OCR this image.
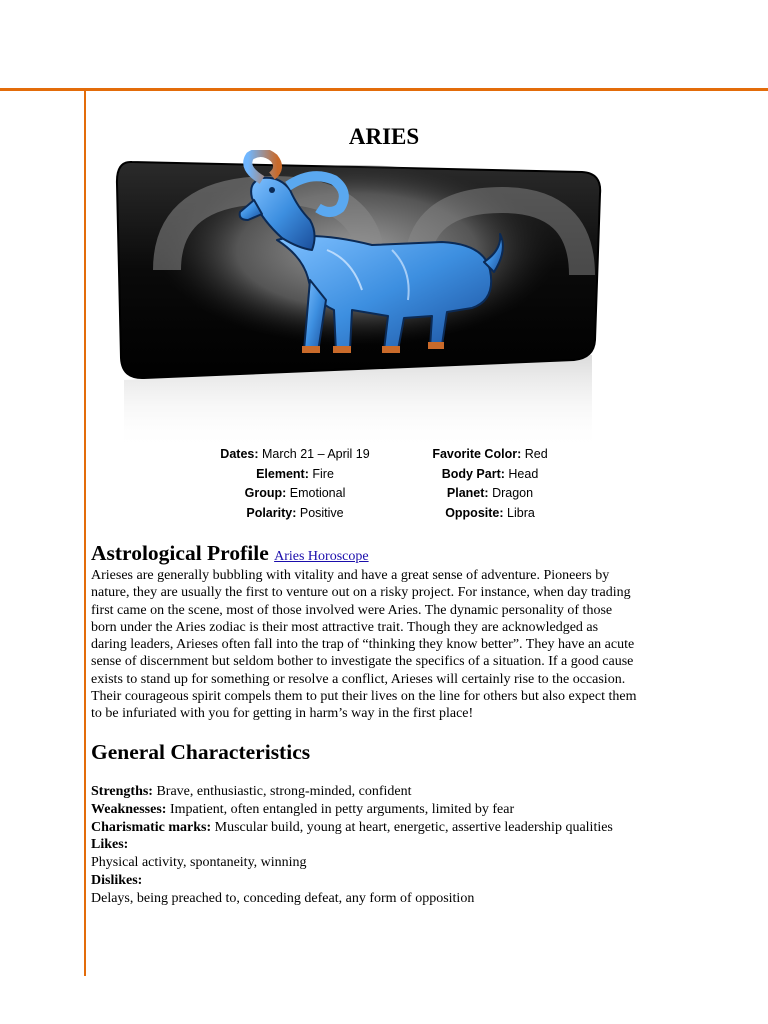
ARIES
Dates: March 21 – April 19
Element: Fire
Group: Emotional
Polarity: Positive
Favorite Color: Red
Body Part: Head
Planet: Dragon
Opposite: Libra
Astrological Profile Aries Horoscope
Arieses are generally bubbling with vitality and have a great sense of adventure. Pioneers by
nature, they are usually the first to venture out on a risky project. For instance, when day trading
first came on the scene, most of those involved were Aries. The dynamic personality of those
born under the Aries zodiac is their most attractive trait. Though they are acknowledged as
daring leaders, Arieses often fall into the trap of “thinking they know better”. They have an acute
sense of discernment but seldom bother to investigate the specifics of a situation. If a good cause
exists to stand up for something or resolve a conflict, Arieses will certainly rise to the occasion.
Their courageous spirit compels them to put their lives on the line for others but also expect them
to be infuriated with you for getting in harm’s way in the first place!
General Characteristics
Strengths: Brave, enthusiastic, strong-minded, confident
Weaknesses: Impatient, often entangled in petty arguments, limited by fear
Charismatic marks: Muscular build, young at heart, energetic, assertive leadership qualities
Likes:
Physical activity, spontaneity, winning
Dislikes:
Delays, being preached to, conceding defeat, any form of opposition
